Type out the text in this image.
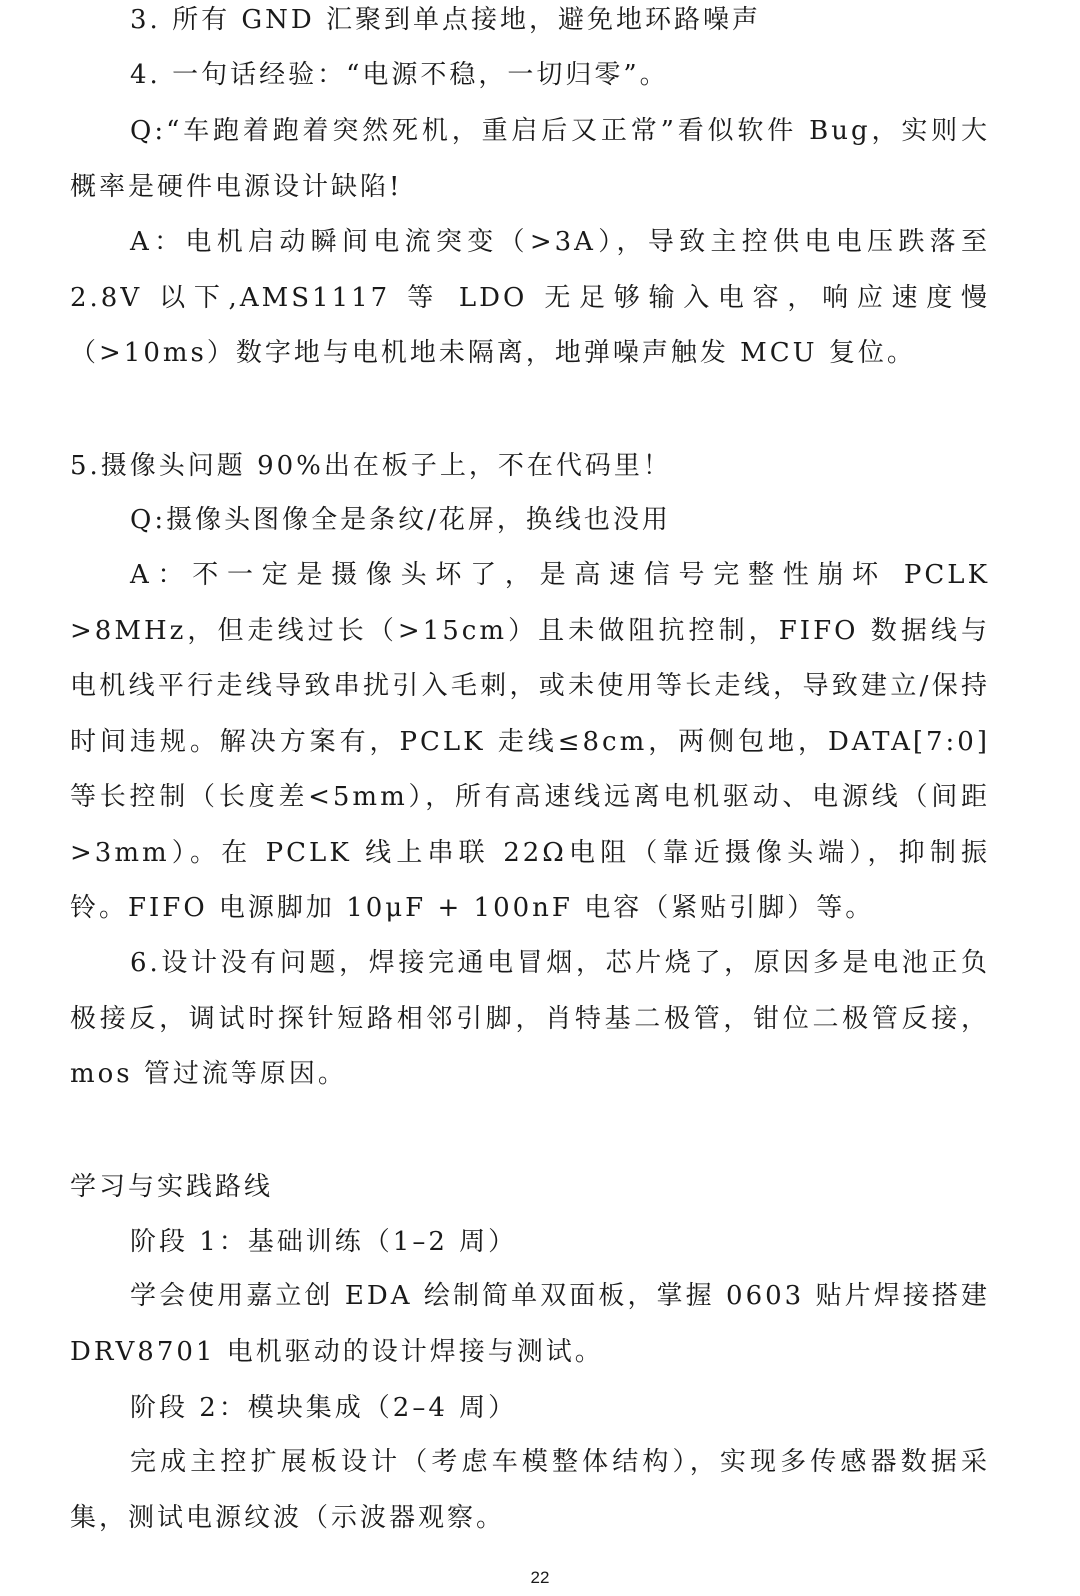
3. 所有 GND 汇聚到单点接地，避免地环路噪声
4. 一句话经验：“电源不稳，一切归零”。
Q:“车跑着跑着突然死机，重启后又正常”看似软件 Bug，实则大概率是硬件电源设计缺陷!
A：电机启动瞬间电流突变（>3A），导致主控供电电压跌落至 2.8V 以下,AMS1117 等 LDO 无足够输入电容，响应速度慢（>10ms）数字地与电机地未隔离，地弹噪声触发 MCU 复位。
5.摄像头问题 90%出在板子上，不在代码里！
Q:摄像头图像全是条纹/花屏，换线也没用
A：不一定是摄像头坏了，是高速信号完整性崩坏 PCLK >8MHz，但走线过长（>15cm）且未做阻抗控制，FIFO 数据线与电机线平行走线导致串扰引入毛刺，或未使用等长走线，导致建立/保持时间违规。解决方案有，PCLK 走线≤8cm，两侧包地，DATA[7:0]等长控制（长度差<5mm），所有高速线远离电机驱动、电源线（间距>3mm）。在 PCLK 线上串联 22Ω电阻（靠近摄像头端），抑制振铃。FIFO 电源脚加 10μF + 100nF 电容（紧贴引脚）等。
6.设计没有问题，焊接完通电冒烟，芯片烧了，原因多是电池正负极接反，调试时探针短路相邻引脚，肖特基二极管，钳位二极管反接，mos 管过流等原因。
学习与实践路线
阶段 1：基础训练（1–2 周）
学会使用嘉立创 EDA 绘制简单双面板，掌握 0603 贴片焊接搭建 DRV8701 电机驱动的设计焊接与测试。
阶段 2：模块集成（2–4 周）
完成主控扩展板设计（考虑车模整体结构），实现多传感器数据采集，测试电源纹波（示波器观察。
22
